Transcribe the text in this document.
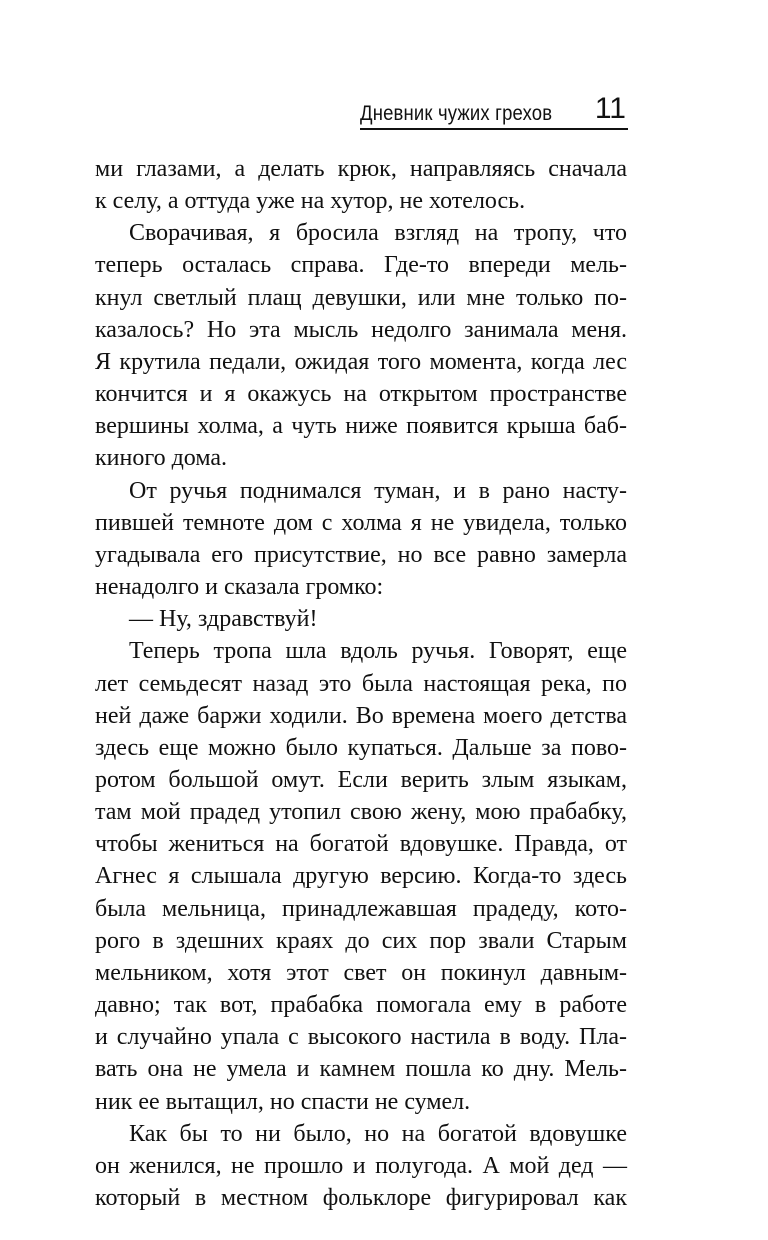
Дневник чужих грехов 11

ми глазами, а делать крюк, направляясь сначала
к селу, а оттуда уже на хутор, не хотелось.

Сворачивая, я бросила взгляд на тропу, что
теперь осталась справа. Где-то впереди мель-
кнул светлый плащ девушки, или мне только по-
казалось? Но эта мысль недолго занимала меня.
Я крутила педали, ожидая того момента, когда лес
кончится и я окажусь на открытом пространстве
вершины холма, а чуть ниже появится крыша баб-
киного дома.

От ручья поднимался туман, и в рано насту-
пившей темноте дом с холма я не увидела, только
угадывала его присутствие, но все равно замерла
ненадолго и сказала громко:

— Ну, здравствуй!

Теперь тропа шла вдоль ручья. Говорят, еще
лет семьдесят назад это была настоящая река, по
ней даже баржи ходили. Во времена моего детства
здесь еще можно было купаться. Дальше за пово-
ротом большой омут. Если верить злым языкам,
там мой прадед утопил свою жену, мою прабабку,
чтобы жениться на богатой вдовушке. Правда, от
Агнес я слышала другую версию. Когда-то здесь
была мельница, принадлежавшая прадеду, кото-
рого в здешних краях до сих пор звали Старым
мельником, хотя этот свет он покинул давным-
давно; так вот, прабабка помогала ему в работе
и случайно упала с высокого настила в воду. Пла-
вать она не умела и камнем пошла ко дну. Мель-
ник ее вытащил, но спасти не сумел.

Как бы то ни было, но на богатой вдовушке
он женился, не прошло и полугода. А мой дед —
который в местном фольклоре фигурировал как
